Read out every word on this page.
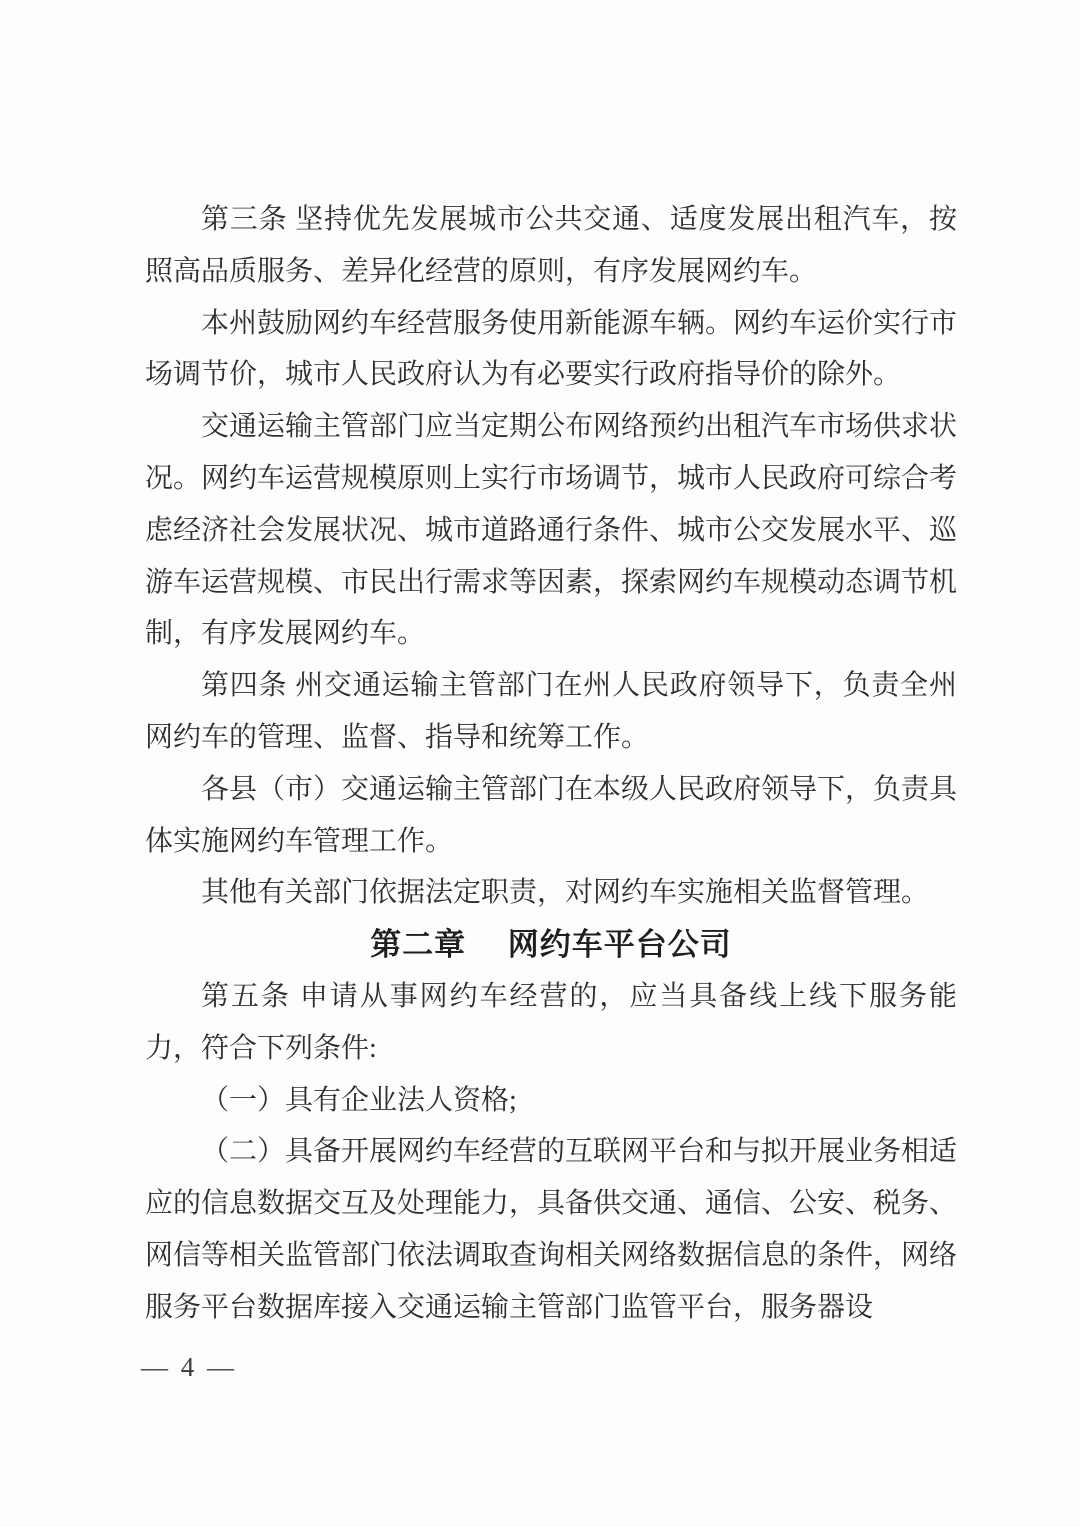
第三条 坚持优先发展城市公共交通、适度发展出租汽车，按照高品质服务、差异化经营的原则，有序发展网约车。

本州鼓励网约车经营服务使用新能源车辆。网约车运价实行市场调节价，城市人民政府认为有必要实行政府指导价的除外。

交通运输主管部门应当定期公布网络预约出租汽车市场供求状况。网约车运营规模原则上实行市场调节，城市人民政府可综合考虑经济社会发展状况、城市道路通行条件、城市公交发展水平、巡游车运营规模、市民出行需求等因素，探索网约车规模动态调节机制，有序发展网约车。

第四条 州交通运输主管部门在州人民政府领导下，负责全州网约车的管理、监督、指导和统筹工作。

各县（市）交通运输主管部门在本级人民政府领导下，负责具体实施网约车管理工作。

其他有关部门依据法定职责，对网约车实施相关监督管理。

第二章　 网约车平台公司

第五条 申请从事网约车经营的，应当具备线上线下服务能力，符合下列条件:

（一）具有企业法人资格;

（二）具备开展网约车经营的互联网平台和与拟开展业务相适应的信息数据交互及处理能力，具备供交通、通信、公安、税务、网信等相关监管部门依法调取查询相关网络数据信息的条件，网络服务平台数据库接入交通运输主管部门监管平台，服务器设

— 4 —
